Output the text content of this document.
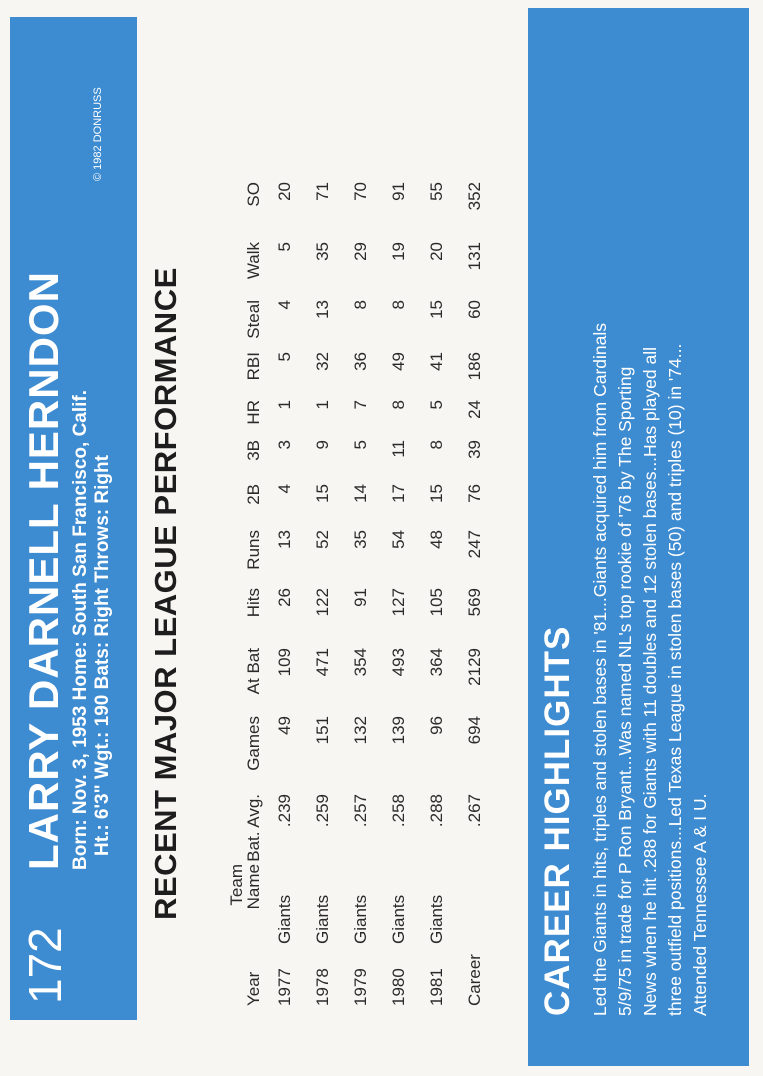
172
LARRY DARNELL HERNDON Born: Nov. 3, 1953 Home: South San Francisco, Calif. Ht.: 6'3" Wgt.: 190 Bats: Right Throws: Right
© 1982 DONRUSS
RECENT MAJOR LEAGUE PERFORMANCE
Year	Team Name	Bat. Avg.	Games	At Bat	Hits	Runs	2B	3B	HR	RBI	Steal	Walk	SO
1977	Giants	.239	49	109	26	13	4	3	1	5	4	5	20
1978	Giants	.259	151	471	122	52	15	9	1	32	13	35	71
1979	Giants	.257	132	354	91	35	14	5	7	36	8	29	70
1980	Giants	.258	139	493	127	54	17	11	8	49	8	19	91
1981	Giants	.288	96	364	105	48	15	8	5	41	15	20	55
Career		.267	694	2129	569	247	76	39	24	186	60	131	352
CAREER HIGHLIGHTS Led the Giants in hits, triples and stolen bases in '81...Giants acquired him from Cardinals 5/9/75 in trade for P Ron Bryant...Was named NL's top rookie of '76 by The Sporting News when he hit .288 for Giants with 11 doubles and 12 stolen bases...Has played all three outfield positions...Led Texas League in stolen bases (50) and triples (10) in '74... Attended Tennessee A & I U.
